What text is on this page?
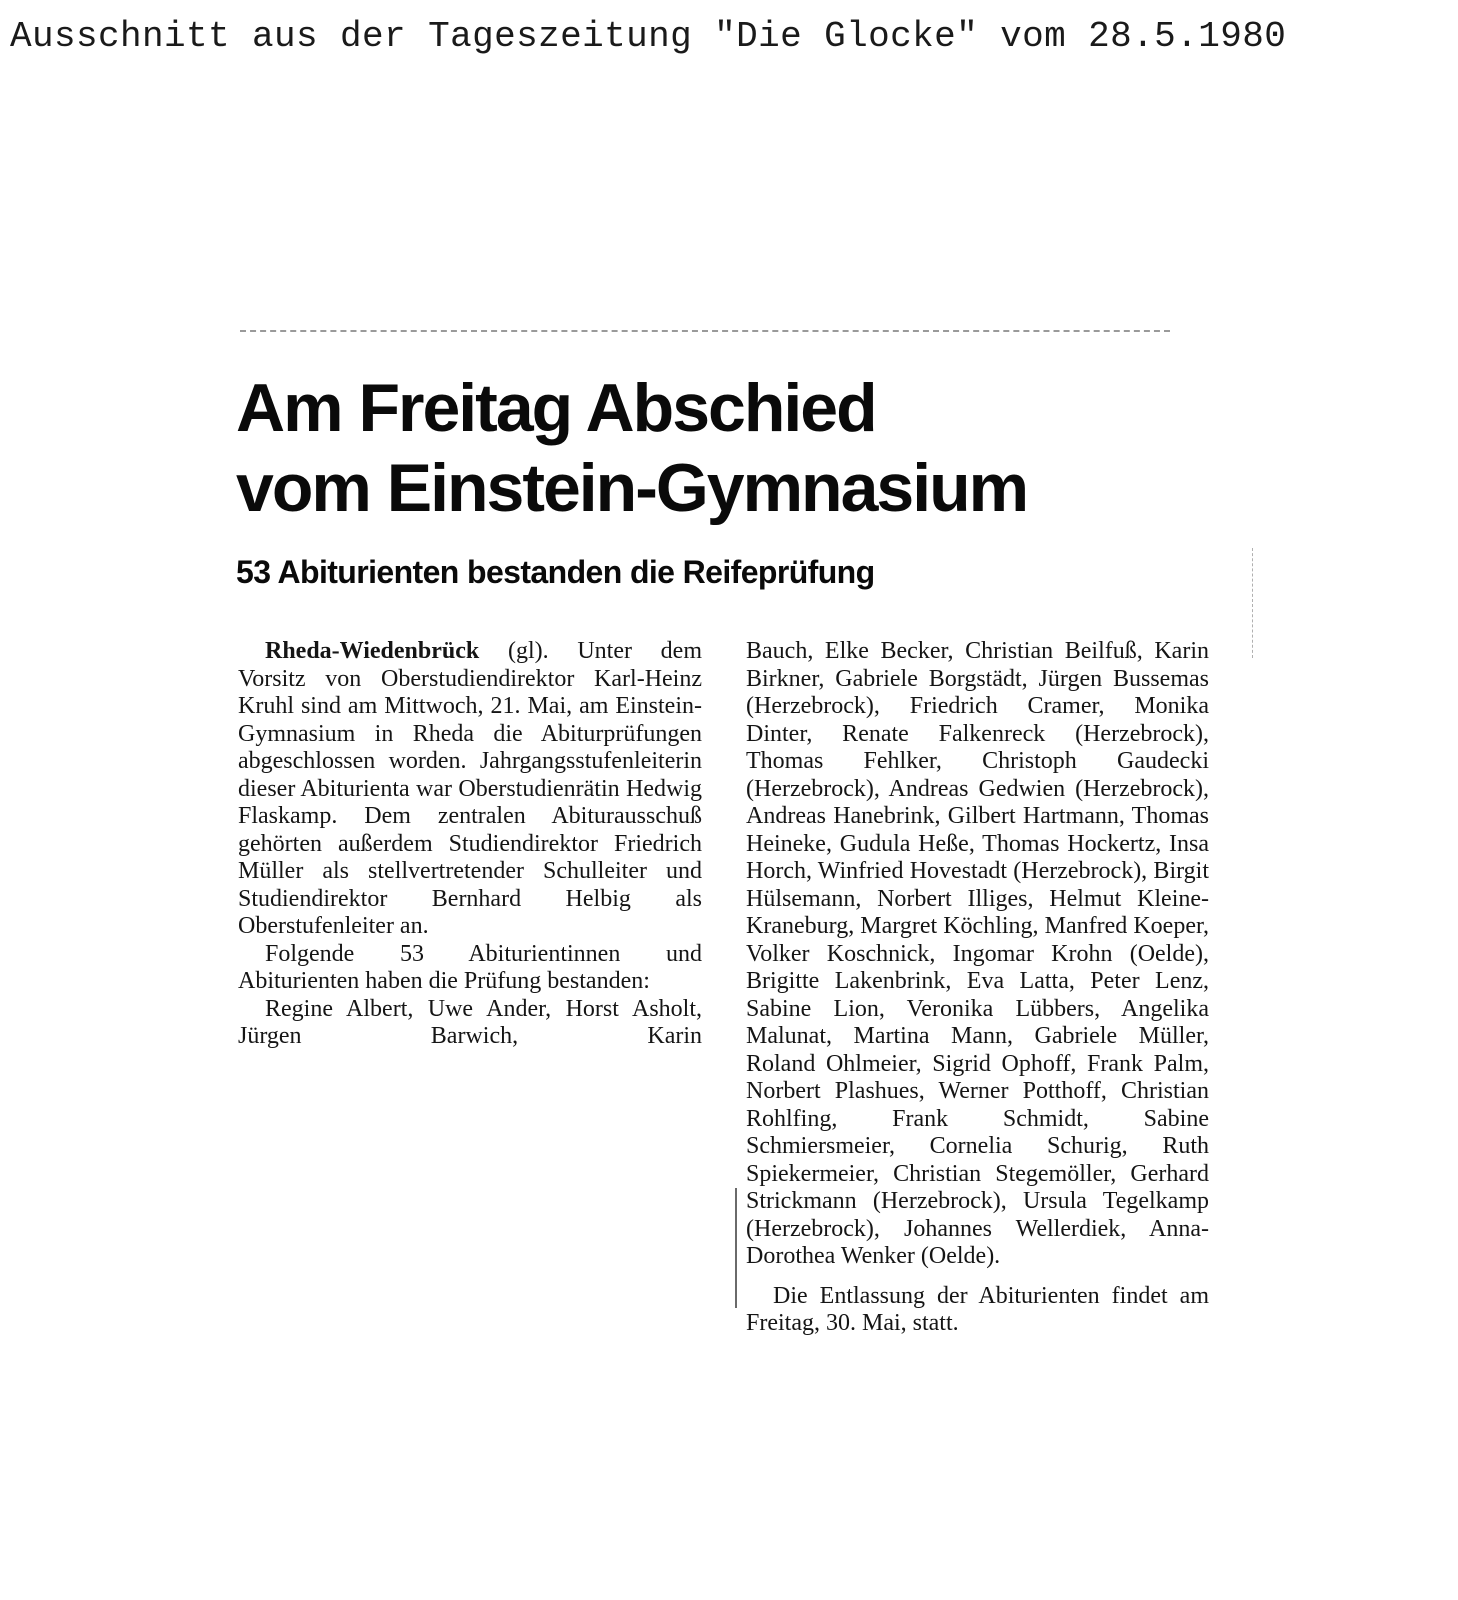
Ausschnitt aus der Tageszeitung "Die Glocke" vom 28.5.1980
Am Freitag Abschied
vom Einstein-Gymnasium
53 Abiturienten bestanden die Reifeprüfung

Rheda-Wiedenbrück (gl). Unter dem Vorsitz von Oberstudiendirektor Karl-Heinz Kruhl sind am Mittwoch, 21. Mai, am Einstein-Gymnasium in Rheda die Abiturprüfungen abgeschlossen worden. Jahrgangsstufenleiterin dieser Abiturienta war Oberstudienrätin Hedwig Flaskamp. Dem zentralen Abiturausschuß gehörten außerdem Studiendirektor Friedrich Müller als stellvertretender Schulleiter und Studiendirektor Bernhard Helbig als Oberstufenleiter an.

Folgende 53 Abiturientinnen und Abiturienten haben die Prüfung bestanden:

Regine Albert, Uwe Ander, Horst Asholt, Jürgen Barwich, Karin

Bauch, Elke Becker, Christian Beilfuß, Karin Birkner, Gabriele Borgstädt, Jürgen Bussemas (Herzebrock), Friedrich Cramer, Monika Dinter, Renate Falkenreck (Herzebrock), Thomas Fehlker, Christoph Gaudecki (Herzebrock), Andreas Gedwien (Herzebrock), Andreas Hanebrink, Gilbert Hartmann, Thomas Heineke, Gudula Heße, Thomas Hockertz, Insa Horch, Winfried Hovestadt (Herzebrock), Birgit Hülsemann, Norbert Illiges, Helmut Kleine-Kraneburg, Margret Köchling, Manfred Koeper, Volker Koschnick, Ingomar Krohn (Oelde), Brigitte Lakenbrink, Eva Latta, Peter Lenz, Sabine Lion, Veronika Lübbers, Angelika Malunat, Martina Mann, Gabriele Müller, Roland Ohlmeier, Sigrid Ophoff, Frank Palm, Norbert Plashues, Werner Potthoff, Christian Rohlfing, Frank Schmidt, Sabine Schmiersmeier, Cornelia Schurig, Ruth Spiekermeier, Christian Stegemöller, Gerhard Strickmann (Herzebrock), Ursula Tegelkamp (Herzebrock), Johannes Wellerdiek, Anna-Dorothea Wenker (Oelde).

Die Entlassung der Abiturienten findet am Freitag, 30. Mai, statt.
